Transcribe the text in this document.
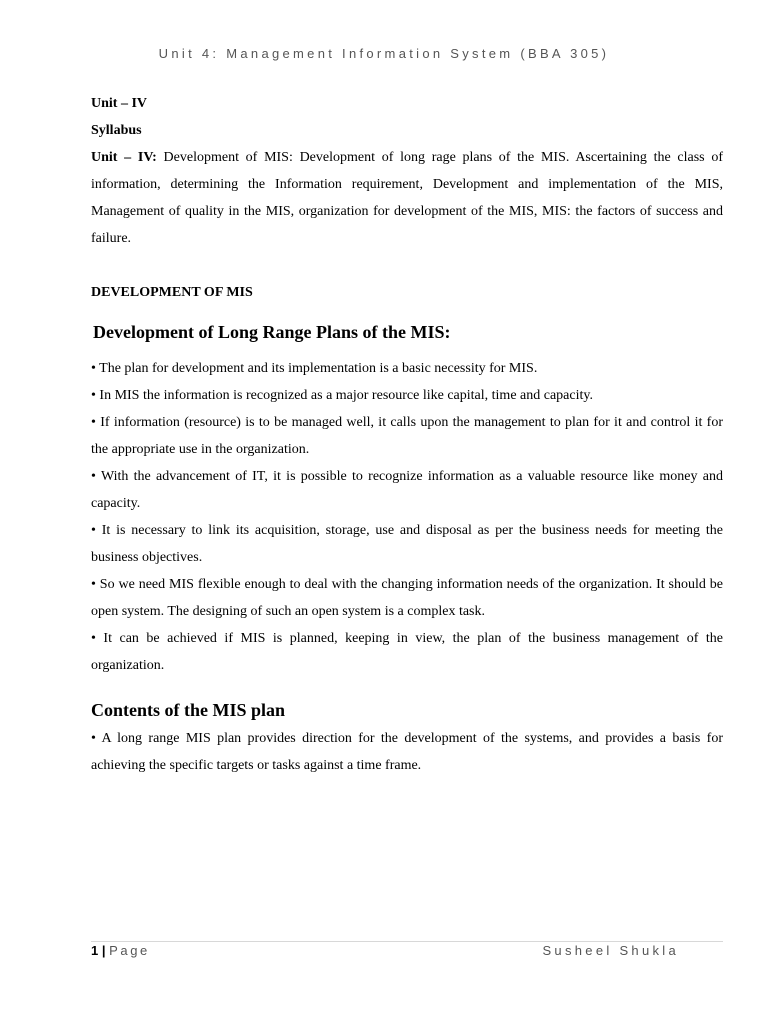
Unit 4: Management Information System (BBA 305)

Unit – IV

Syllabus

Unit – IV: Development of MIS: Development of long rage plans of the MIS. Ascertaining the class of information, determining the Information requirement, Development and implementation of the MIS, Management of quality in the MIS, organization for development of the MIS, MIS: the factors of success and failure.

DEVELOPMENT OF MIS

Development of Long Range Plans of the MIS:

• The plan for development and its implementation is a basic necessity for MIS.

• In MIS the information is recognized as a major resource like capital, time and capacity.

• If information (resource) is to be managed well, it calls upon the management to plan for it and control it for the appropriate use in the organization.

• With the advancement of IT, it is possible to recognize information as a valuable resource like money and capacity.

• It is necessary to link its acquisition, storage, use and disposal as per the business needs for meeting the business objectives.

• So we need MIS flexible enough to deal with the changing information needs of the organization. It should be open system. The designing of such an open system is a complex task.

• It can be achieved if MIS is planned, keeping in view, the plan of the business management of the organization.

Contents of the MIS plan

• A long range MIS plan provides direction for the development of the systems, and provides a basis for achieving the specific targets or tasks against a time frame.

1 | Page	Susheel Shukla
